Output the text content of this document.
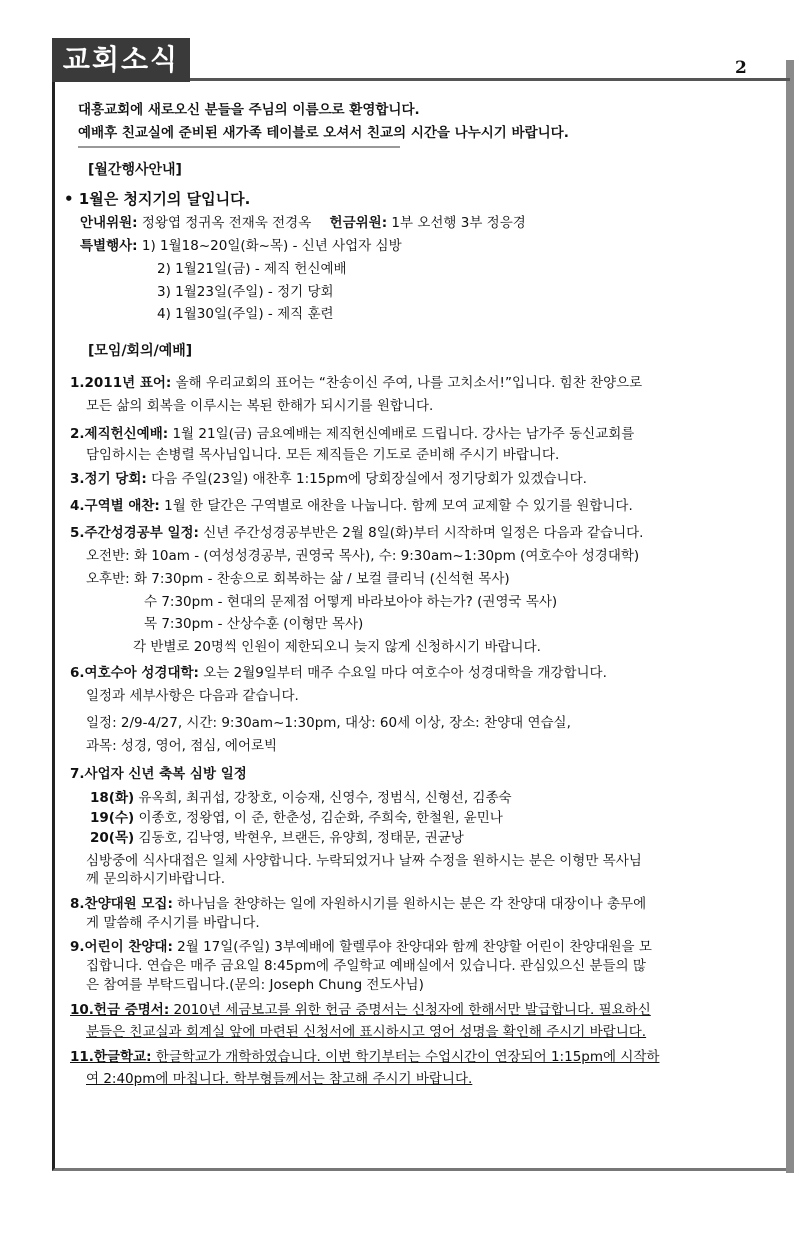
교회소식	2
대흥교회에 새로오신 분들을 주님의 이름으로 환영합니다.
예배후 친교실에 준비된 새가족 테이블로 오셔서 친교의 시간을 나누시기 바랍니다.
[월간행사안내]
• 1월은 청지기의 달입니다.
안내위원: 정왕엽 정귀옥 전재욱 전경옥 헌금위원: 1부 오선행 3부 정응경
특별행사: 1) 1월18~20일(화~목) - 신년 사업자 심방
2) 1월21일(금) - 제직 헌신예배
3) 1월23일(주일) - 정기 당회
4) 1월30일(주일) - 제직 훈련
[모임/회의/예배]
1.2011년 표어: 올해 우리교회의 표어는 “찬송이신 주여, 나를 고치소서!”입니다. 힘찬 찬양으로
모든 삶의 회복을 이루시는 복된 한해가 되시기를 원합니다.
2.제직헌신예배: 1월 21일(금) 금요예배는 제직헌신예배로 드립니다. 강사는 남가주 동신교회를
담임하시는 손병렬 목사님입니다. 모든 제직들은 기도로 준비해 주시기 바랍니다.
3.정기 당회: 다음 주일(23일) 애찬후 1:15pm에 당회장실에서 정기당회가 있겠습니다.
4.구역별 애찬: 1월 한 달간은 구역별로 애찬을 나눕니다. 함께 모여 교제할 수 있기를 원합니다.
5.주간성경공부 일정: 신년 주간성경공부반은 2월 8일(화)부터 시작하며 일정은 다음과 같습니다.
오전반: 화 10am - (여성성경공부, 권영국 목사), 수: 9:30am~1:30pm (여호수아 성경대학)
오후반: 화 7:30pm - 찬송으로 회복하는 삶 / 보컬 클리닉 (신석현 목사)
수 7:30pm - 현대의 문제점 어떻게 바라보아야 하는가? (권영국 목사)
목 7:30pm - 산상수훈 (이형만 목사)
각 반별로 20명씩 인원이 제한되오니 늦지 않게 신청하시기 바랍니다.
6.여호수아 성경대학: 오는 2월9일부터 매주 수요일 마다 여호수아 성경대학을 개강합니다.
일정과 세부사항은 다음과 같습니다.
일정: 2/9-4/27, 시간: 9:30am~1:30pm, 대상: 60세 이상, 장소: 찬양대 연습실,
과목: 성경, 영어, 점심, 에어로빅
7.사업자 신년 축복 심방 일정
18(화) 유옥희, 최귀섭, 강창호, 이승재, 신영수, 정범식, 신형선, 김종숙
19(수) 이종호, 정왕엽, 이 준, 한춘성, 김순화, 주희숙, 한철원, 윤민나
20(목) 김동호, 김낙영, 박현우, 브랜든, 유양희, 정태문, 권균낭
심방중에 식사대접은 일체 사양합니다. 누락되었거나 날짜 수정을 원하시는 분은 이형만 목사님
께 문의하시기바랍니다.
8.찬양대원 모집: 하나님을 찬양하는 일에 자원하시기를 원하시는 분은 각 찬양대 대장이나 총무에
게 말씀해 주시기를 바랍니다.
9.어린이 찬양대: 2월 17일(주일) 3부예배에 할렐루야 찬양대와 함께 찬양할 어린이 찬양대원을 모
집합니다. 연습은 매주 금요일 8:45pm에 주일학교 예배실에서 있습니다. 관심있으신 분들의 많
은 참여를 부탁드립니다.(문의: Joseph Chung 전도사님)
10.헌금 증명서: 2010년 세금보고를 위한 헌금 증명서는 신청자에 한해서만 발급합니다. 필요하신
분들은 친교실과 회계실 앞에 마련된 신청서에 표시하시고 영어 성명을 확인해 주시기 바랍니다.
11.한글학교: 한글학교가 개학하였습니다. 이번 학기부터는 수업시간이 연장되어 1:15pm에 시작하
여 2:40pm에 마칩니다. 학부형들께서는 참고해 주시기 바랍니다.
